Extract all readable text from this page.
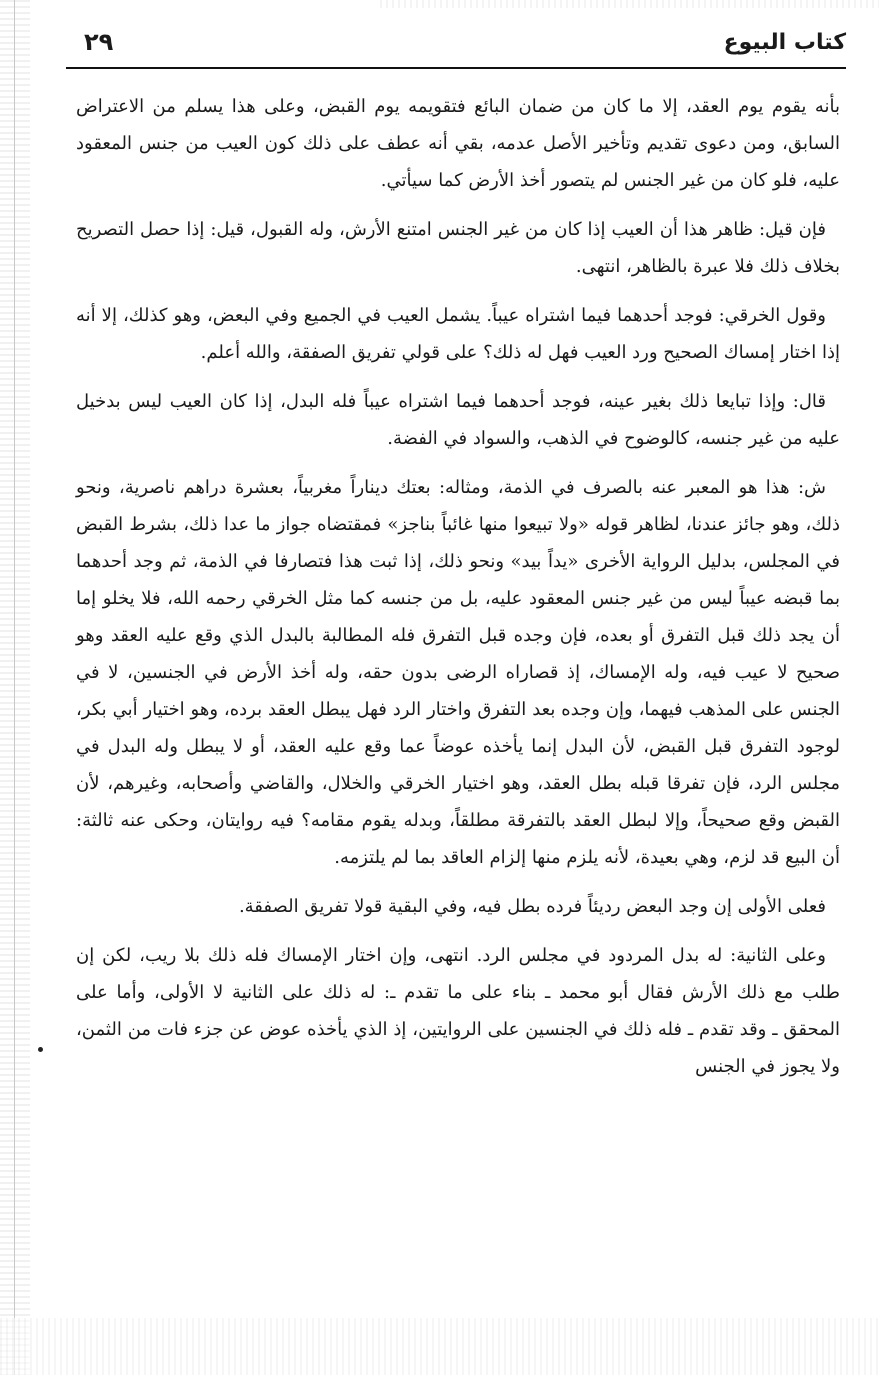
كتاب البيوع
٢٩

بأنه يقوم يوم العقد، إلا ما كان من ضمان البائع فتقويمه يوم القبض، وعلى هذا يسلم من الاعتراض السابق، ومن دعوى تقديم وتأخير الأصل عدمه، بقي أنه عطف على ذلك كون العيب من جنس المعقود عليه، فلو كان من غير الجنس لم يتصور أخذ الأرض كما سيأتي.

فإن قيل: ظاهر هذا أن العيب إذا كان من غير الجنس امتنع الأرش، وله القبول، قيل: إذا حصل التصريح بخلاف ذلك فلا عبرة بالظاهر، انتهى.

وقول الخرقي: فوجد أحدهما فيما اشتراه عيباً. يشمل العيب في الجميع وفي البعض، وهو كذلك، إلا أنه إذا اختار إمساك الصحيح ورد العيب فهل له ذلك؟ على قولي تفريق الصفقة، والله أعلم.

قال: وإذا تبايعا ذلك بغير عينه، فوجد أحدهما فيما اشتراه عيباً فله البدل، إذا كان العيب ليس بدخيل عليه من غير جنسه، كالوضوح في الذهب، والسواد في الفضة.

ش: هذا هو المعبر عنه بالصرف في الذمة، ومثاله: بعتك ديناراً مغربياً، بعشرة دراهم ناصرية، ونحو ذلك، وهو جائز عندنا، لظاهر قوله «ولا تبيعوا منها غائباً بناجز» فمقتضاه جواز ما عدا ذلك، بشرط القبض في المجلس، بدليل الرواية الأخرى «يداً بيد» ونحو ذلك، إذا ثبت هذا فتصارفا في الذمة، ثم وجد أحدهما بما قبضه عيباً ليس من غير جنس المعقود عليه، بل من جنسه كما مثل الخرقي رحمه الله، فلا يخلو إما أن يجد ذلك قبل التفرق أو بعده، فإن وجده قبل التفرق فله المطالبة بالبدل الذي وقع عليه العقد وهو صحيح لا عيب فيه، وله الإمساك، إذ قصاراه الرضى بدون حقه، وله أخذ الأرض في الجنسين، لا في الجنس على المذهب فيهما، وإن وجده بعد التفرق واختار الرد فهل يبطل العقد برده، وهو اختيار أبي بكر، لوجود التفرق قبل القبض، لأن البدل إنما يأخذه عوضاً عما وقع عليه العقد، أو لا يبطل وله البدل في مجلس الرد، فإن تفرقا قبله بطل العقد، وهو اختيار الخرقي والخلال، والقاضي وأصحابه، وغيرهم، لأن القبض وقع صحيحاً، وإلا لبطل العقد بالتفرقة مطلقاً، وبدله يقوم مقامه؟ فيه روايتان، وحكى عنه ثالثة: أن البيع قد لزم، وهي بعيدة، لأنه يلزم منها إلزام العاقد بما لم يلتزمه.

فعلى الأولى إن وجد البعض رديئاً فرده بطل فيه، وفي البقية قولا تفريق الصفقة.

وعلى الثانية: له بدل المردود في مجلس الرد. انتهى، وإن اختار الإمساك فله ذلك بلا ريب، لكن إن طلب مع ذلك الأرش فقال أبو محمد ـ بناء على ما تقدم ـ: له ذلك على الثانية لا الأولى، وأما على المحقق ـ وقد تقدم ـ فله ذلك في الجنسين على الروايتين، إذ الذي يأخذه عوض عن جزء فات من الثمن، ولا يجوز في الجنس
